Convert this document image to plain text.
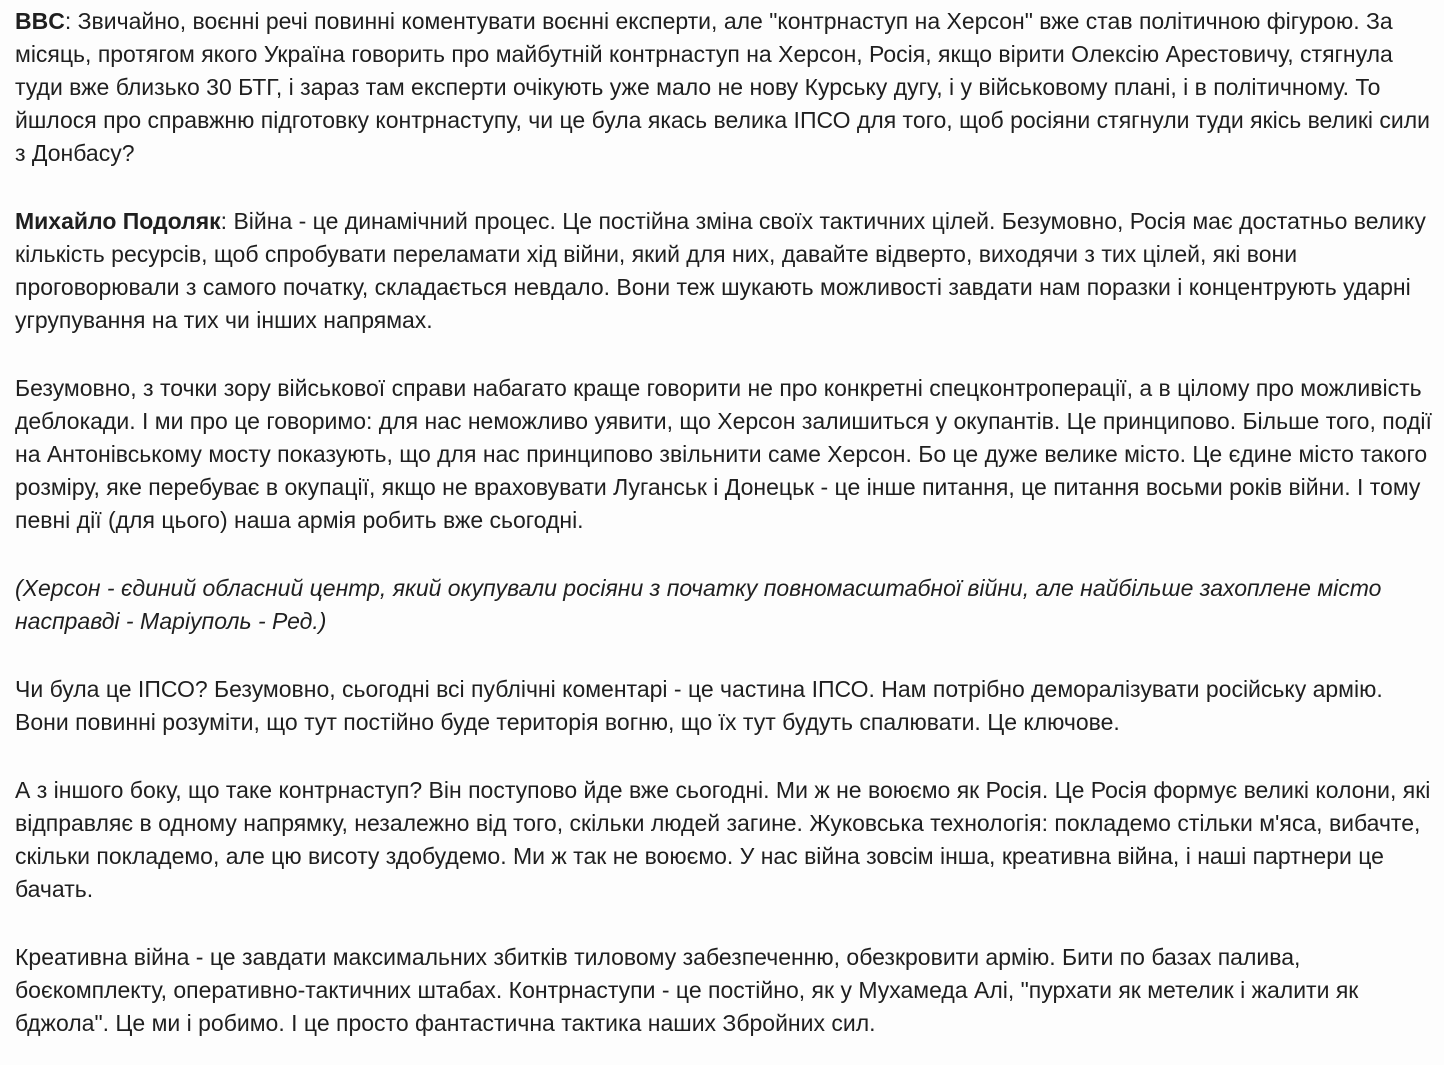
BBC: Звичайно, воєнні речі повинні коментувати воєнні експерти, але "контрнаступ на Херсон" вже став політичною фігурою. За місяць, протягом якого Україна говорить про майбутній контрнаступ на Херсон, Росія, якщо вірити Олексію Арестовичу, стягнула туди вже близько 30 БТГ, і зараз там експерти очікують уже мало не нову Курську дугу, і у військовому плані, і в політичному. То йшлося про справжню підготовку контрнаступу, чи це була якась велика ІПСО для того, щоб росіяни стягнули туди якісь великі сили з Донбасу?

Михайло Подоляк: Війна - це динамічний процес. Це постійна зміна своїх тактичних цілей. Безумовно, Росія має достатньо велику кількість ресурсів, щоб спробувати переламати хід війни, який для них, давайте відверто, виходячи з тих цілей, які вони проговорювали з самого початку, складається невдало. Вони теж шукають можливості завдати нам поразки і концентрують ударні угрупування на тих чи інших напрямах.

Безумовно, з точки зору військової справи набагато краще говорити не про конкретні спецконтроперації, а в цілому про можливість деблокади. І ми про це говоримо: для нас неможливо уявити, що Херсон залишиться у окупантів. Це принципово. Більше того, події на Антонівському мосту показують, що для нас принципово звільнити саме Херсон. Бо це дуже велике місто. Це єдине місто такого розміру, яке перебуває в окупації, якщо не враховувати Луганськ і Донецьк - це інше питання, це питання восьми років війни. І тому певні дії (для цього) наша армія робить вже сьогодні.

(Херсон - єдиний обласний центр, який окупували росіяни з початку повномасштабної війни, але найбільше захоплене місто насправді - Маріуполь - Ред.)

Чи була це ІПСО? Безумовно, сьогодні всі публічні коментарі - це частина ІПСО. Нам потрібно деморалізувати російську армію. Вони повинні розуміти, що тут постійно буде територія вогню, що їх тут будуть спалювати. Це ключове.

А з іншого боку, що таке контрнаступ? Він поступово йде вже сьогодні. Ми ж не воюємо як Росія. Це Росія формує великі колони, які відправляє в одному напрямку, незалежно від того, скільки людей загине. Жуковська технологія: покладемо стільки м'яса, вибачте, скільки покладемо, але цю висоту здобудемо. Ми ж так не воюємо. У нас війна зовсім інша, креативна війна, і наші партнери це бачать.

Креативна війна - це завдати максимальних збитків тиловому забезпеченню, обезкровити армію. Бити по базах палива, боєкомплекту, оперативно-тактичних штабах. Контрнаступи - це постійно, як у Мухамеда Алі, "пурхати як метелик і жалити як бджола". Це ми і робимо. І це просто фантастична тактика наших Збройних сил.
